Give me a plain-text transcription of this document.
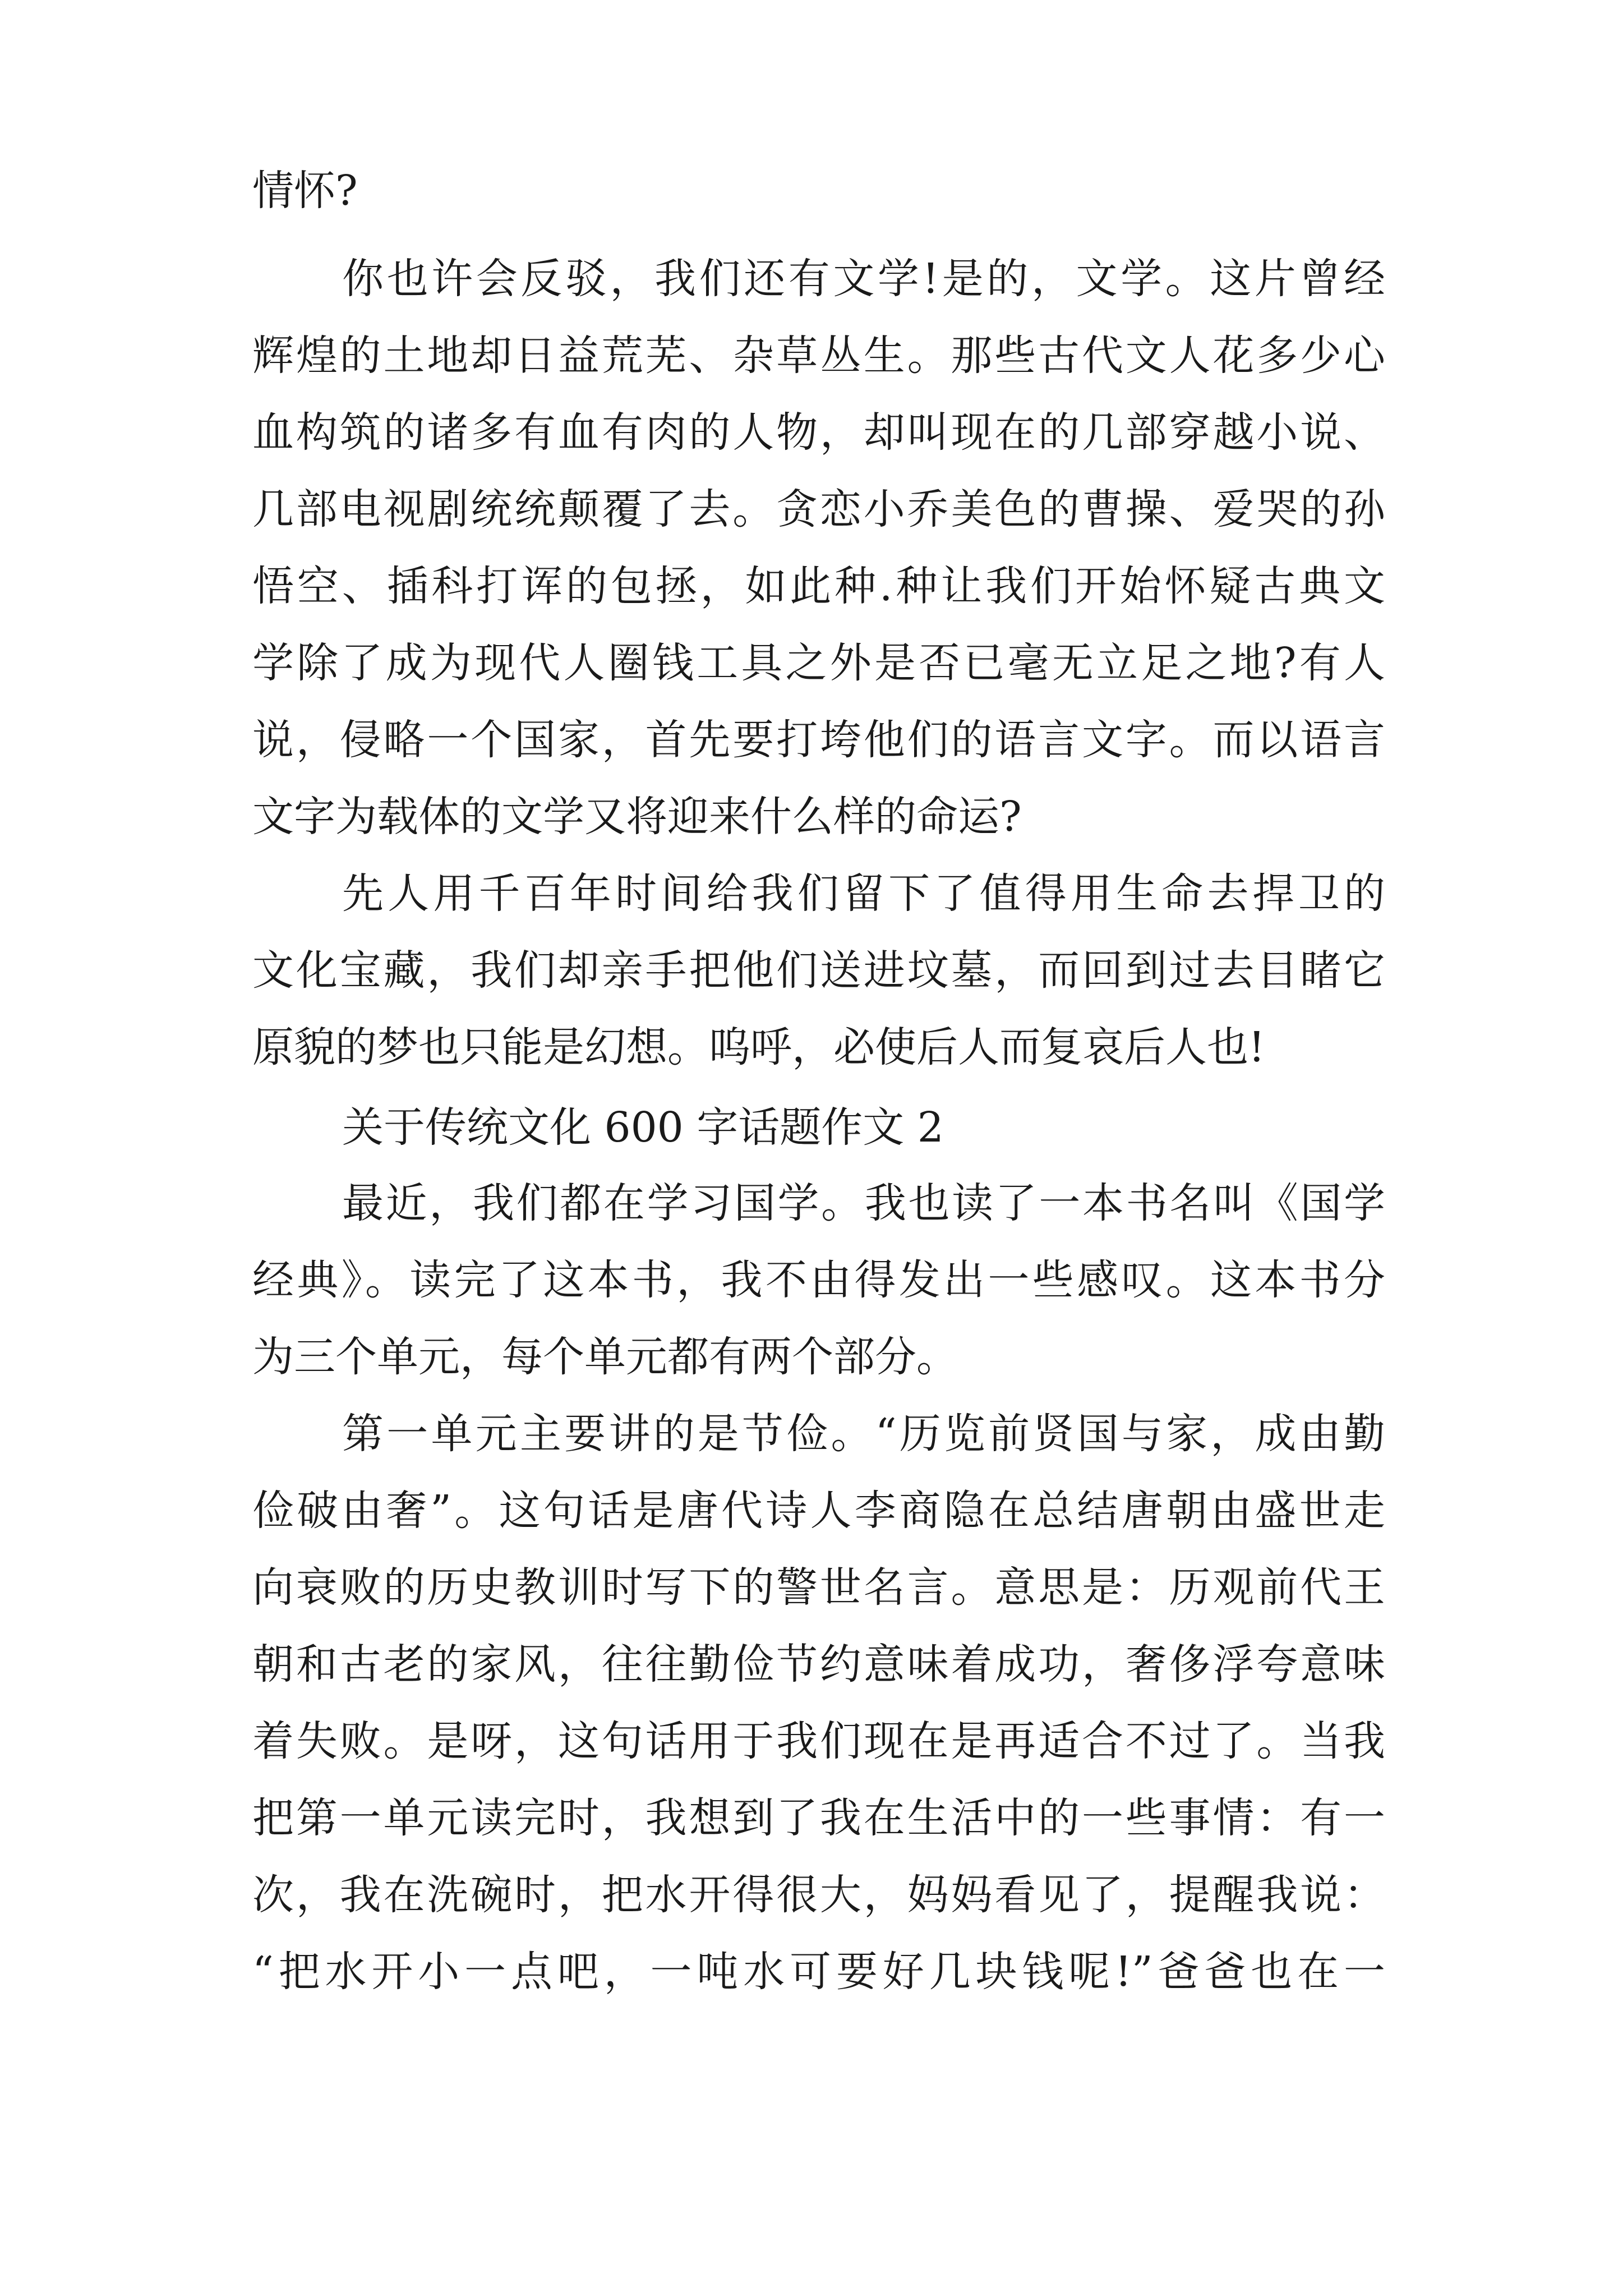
情怀?
你也许会反驳，我们还有文学!是的，文学。这片曾经
辉煌的土地却日益荒芜、杂草丛生。那些古代文人花多少心
血构筑的诸多有血有肉的人物，却叫现在的几部穿越小说、
几部电视剧统统颠覆了去。贪恋小乔美色的曹操、爱哭的孙
悟空、插科打诨的包拯，如此种.种让我们开始怀疑古典文
学除了成为现代人圈钱工具之外是否已毫无立足之地?有人
说，侵略一个国家，首先要打垮他们的语言文字。而以语言
文字为载体的文学又将迎来什么样的命运?
先人用千百年时间给我们留下了值得用生命去捍卫的
文化宝藏，我们却亲手把他们送进坟墓，而回到过去目睹它
原貌的梦也只能是幻想。呜呼，必使后人而复哀后人也!
关于传统文化 600 字话题作文 2
最近，我们都在学习国学。我也读了一本书名叫《国学
经典》。读完了这本书，我不由得发出一些感叹。这本书分
为三个单元，每个单元都有两个部分。
第一单元主要讲的是节俭。“历览前贤国与家，成由勤
俭破由奢”。这句话是唐代诗人李商隐在总结唐朝由盛世走
向衰败的历史教训时写下的警世名言。意思是：历观前代王
朝和古老的家风，往往勤俭节约意味着成功，奢侈浮夸意味
着失败。是呀，这句话用于我们现在是再适合不过了。当我
把第一单元读完时，我想到了我在生活中的一些事情：有一
次，我在洗碗时，把水开得很大，妈妈看见了，提醒我说：
“把水开小一点吧，一吨水可要好几块钱呢!”爸爸也在一
